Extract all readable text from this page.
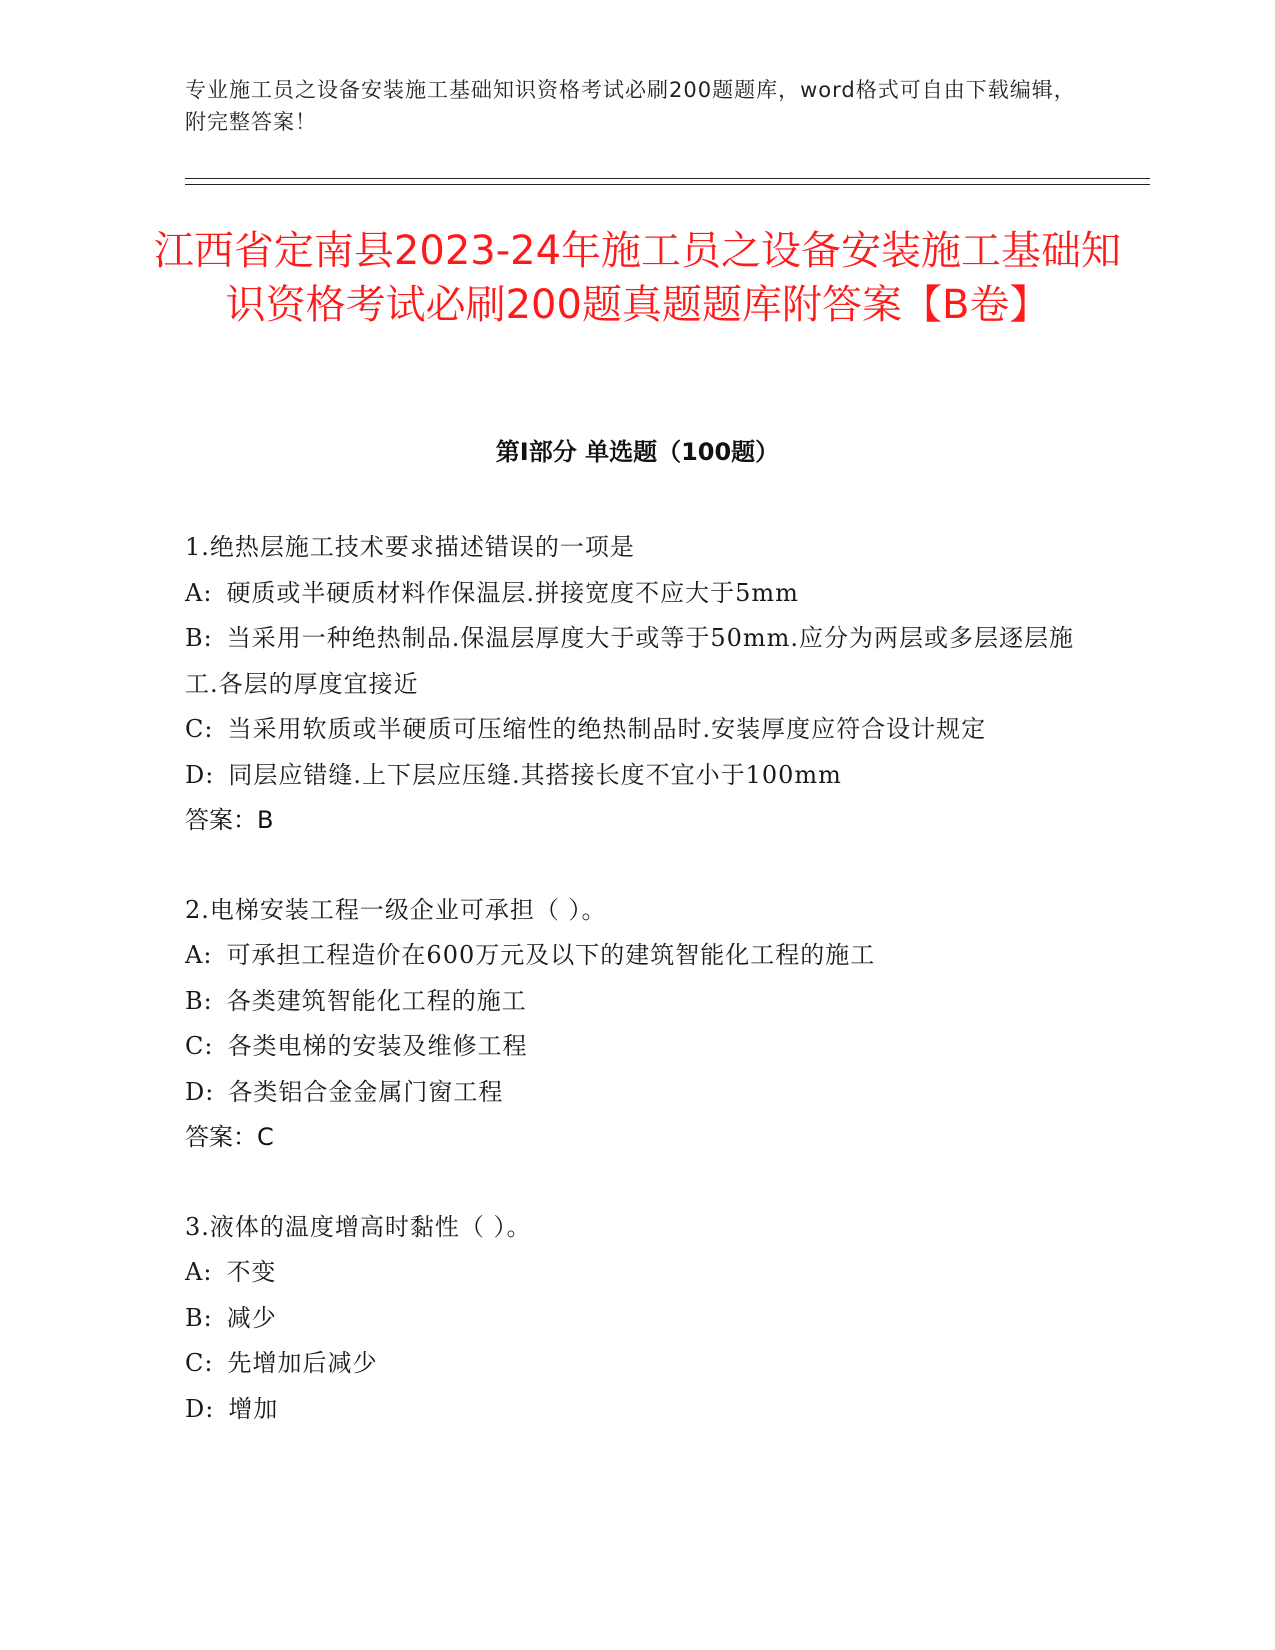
专业施工员之设备安装施工基础知识资格考试必刷200题题库，word格式可自由下载编辑，附完整答案！
江西省定南县2023-24年施工员之设备安装施工基础知识资格考试必刷200题真题题库附答案【B卷】
第I部分 单选题（100题）
1.绝热层施工技术要求描述错误的一项是
A: 硬质或半硬质材料作保温层.拼接宽度不应大于5mm
B: 当采用一种绝热制品.保温层厚度大于或等于50mm.应分为两层或多层逐层施工.各层的厚度宜接近
C: 当采用软质或半硬质可压缩性的绝热制品时.安装厚度应符合设计规定
D: 同层应错缝.上下层应压缝.其搭接长度不宜小于100mm
答案：B
2.电梯安装工程一级企业可承担（ ）。
A: 可承担工程造价在600万元及以下的建筑智能化工程的施工
B: 各类建筑智能化工程的施工
C: 各类电梯的安装及维修工程
D: 各类铝合金金属门窗工程
答案：C
3.液体的温度增高时黏性（ ）。
A: 不变
B: 减少
C: 先增加后减少
D: 增加
